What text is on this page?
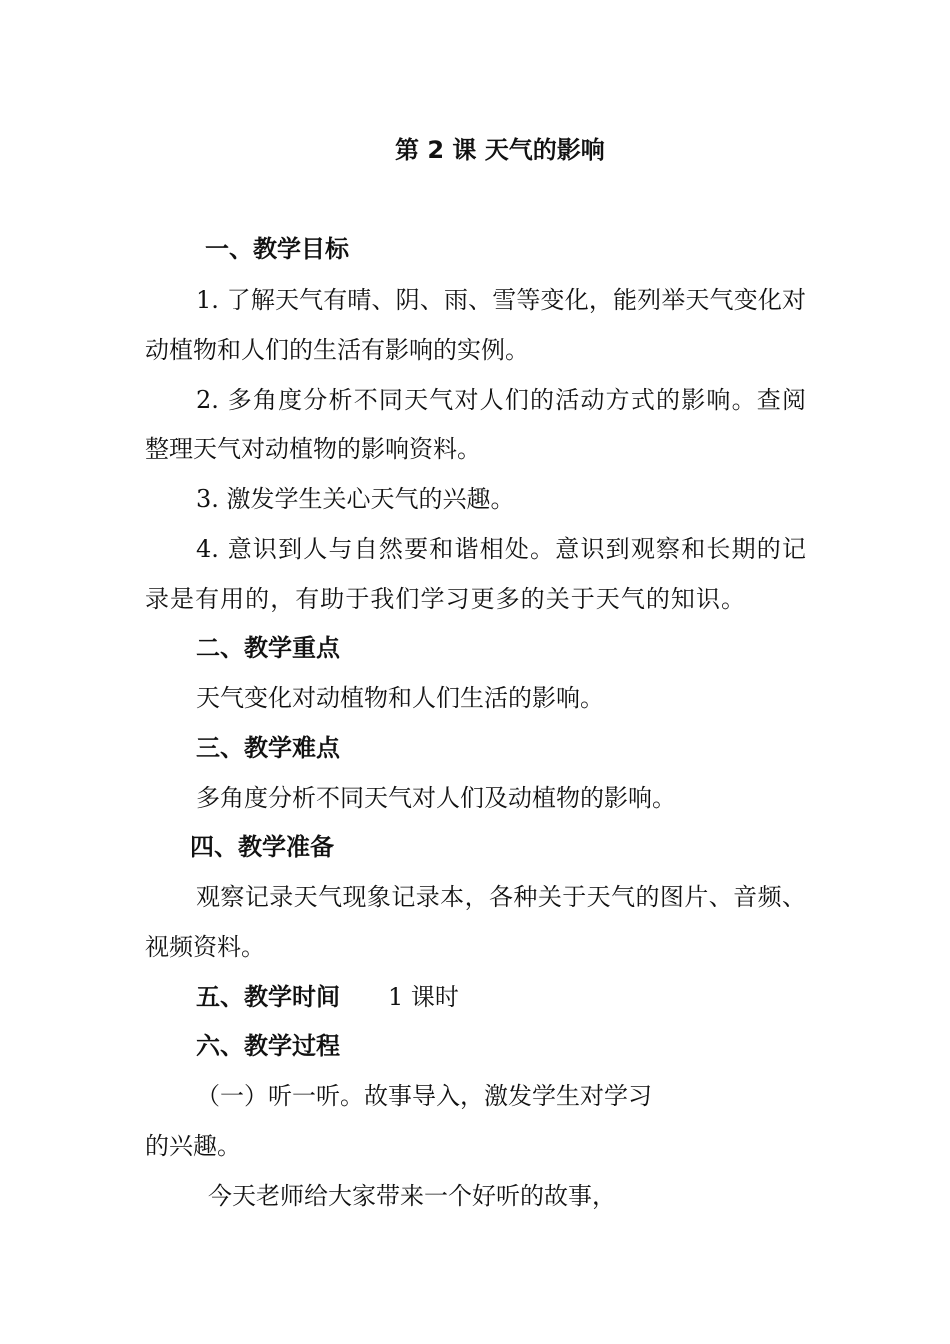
第 2 课 天气的影响
一、教学目标
1. 了解天气有晴、阴、雨、雪等变化，能列举天气变化对
动植物和人们的生活有影响的实例。
2. 多角度分析不同天气对人们的活动方式的影响。查阅
整理天气对动植物的影响资料。
3. 激发学生关心天气的兴趣。
4. 意识到人与自然要和谐相处。意识到观察和长期的记
录是有用的，有助于我们学习更多的关于天气的知识。
二、教学重点
天气变化对动植物和人们生活的影响。
三、教学难点
多角度分析不同天气对人们及动植物的影响。
四、教学准备
观察记录天气现象记录本，各种关于天气的图片、音频、
视频资料。
五、教学时间 1 课时
六、教学过程
（一）听一听。故事导入，激发学生对学习
的兴趣。
今天老师给大家带来一个好听的故事，
